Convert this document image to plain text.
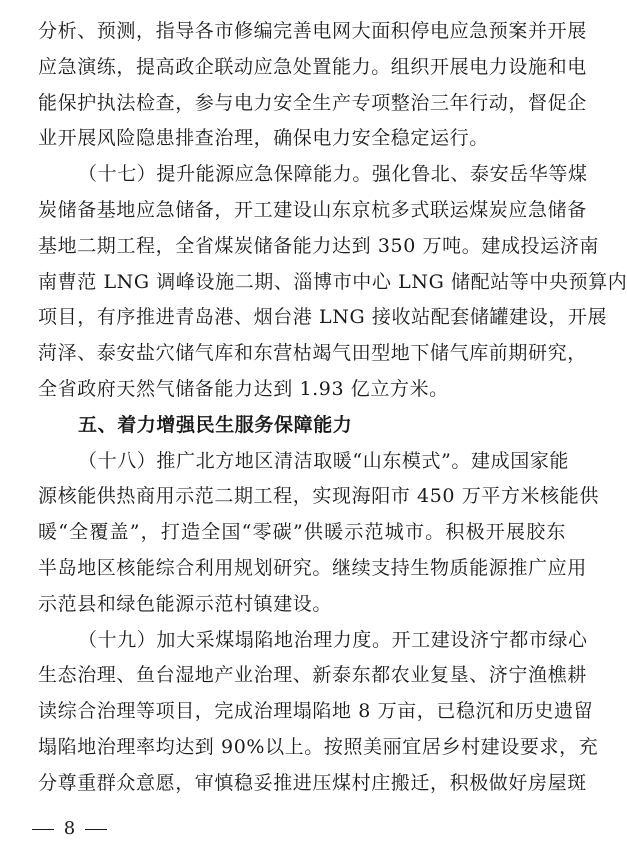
分析、预测，指导各市修编完善电网大面积停电应急预案并开展
应急演练，提高政企联动应急处置能力。组织开展电力设施和电
能保护执法检查，参与电力安全生产专项整治三年行动，督促企
业开展风险隐患排查治理，确保电力安全稳定运行。
（十七）提升能源应急保障能力。强化鲁北、泰安岳华等煤
炭储备基地应急储备，开工建设山东京杭多式联运煤炭应急储备
基地二期工程，全省煤炭储备能力达到 350 万吨。建成投运济南
南曹范 LNG 调峰设施二期、淄博市中心 LNG 储配站等中央预算内
项目，有序推进青岛港、烟台港 LNG 接收站配套储罐建设，开展
菏泽、泰安盐穴储气库和东营枯竭气田型地下储气库前期研究，
全省政府天然气储备能力达到 1.93 亿立方米。
五、着力增强民生服务保障能力
（十八）推广北方地区清洁取暖“山东模式”。建成国家能
源核能供热商用示范二期工程，实现海阳市 450 万平方米核能供
暖“全覆盖”，打造全国“零碳”供暖示范城市。积极开展胶东
半岛地区核能综合利用规划研究。继续支持生物质能源推广应用
示范县和绿色能源示范村镇建设。
（十九）加大采煤塌陷地治理力度。开工建设济宁都市绿心
生态治理、鱼台湿地产业治理、新泰东都农业复垦、济宁渔樵耕
读综合治理等项目，完成治理塌陷地 8 万亩，已稳沉和历史遗留
8
塌陷地治理率均达到 90%以上。按照美丽宜居乡村建设要求，充
分尊重群众意愿，审慎稳妥推进压煤村庄搬迁，积极做好房屋斑
